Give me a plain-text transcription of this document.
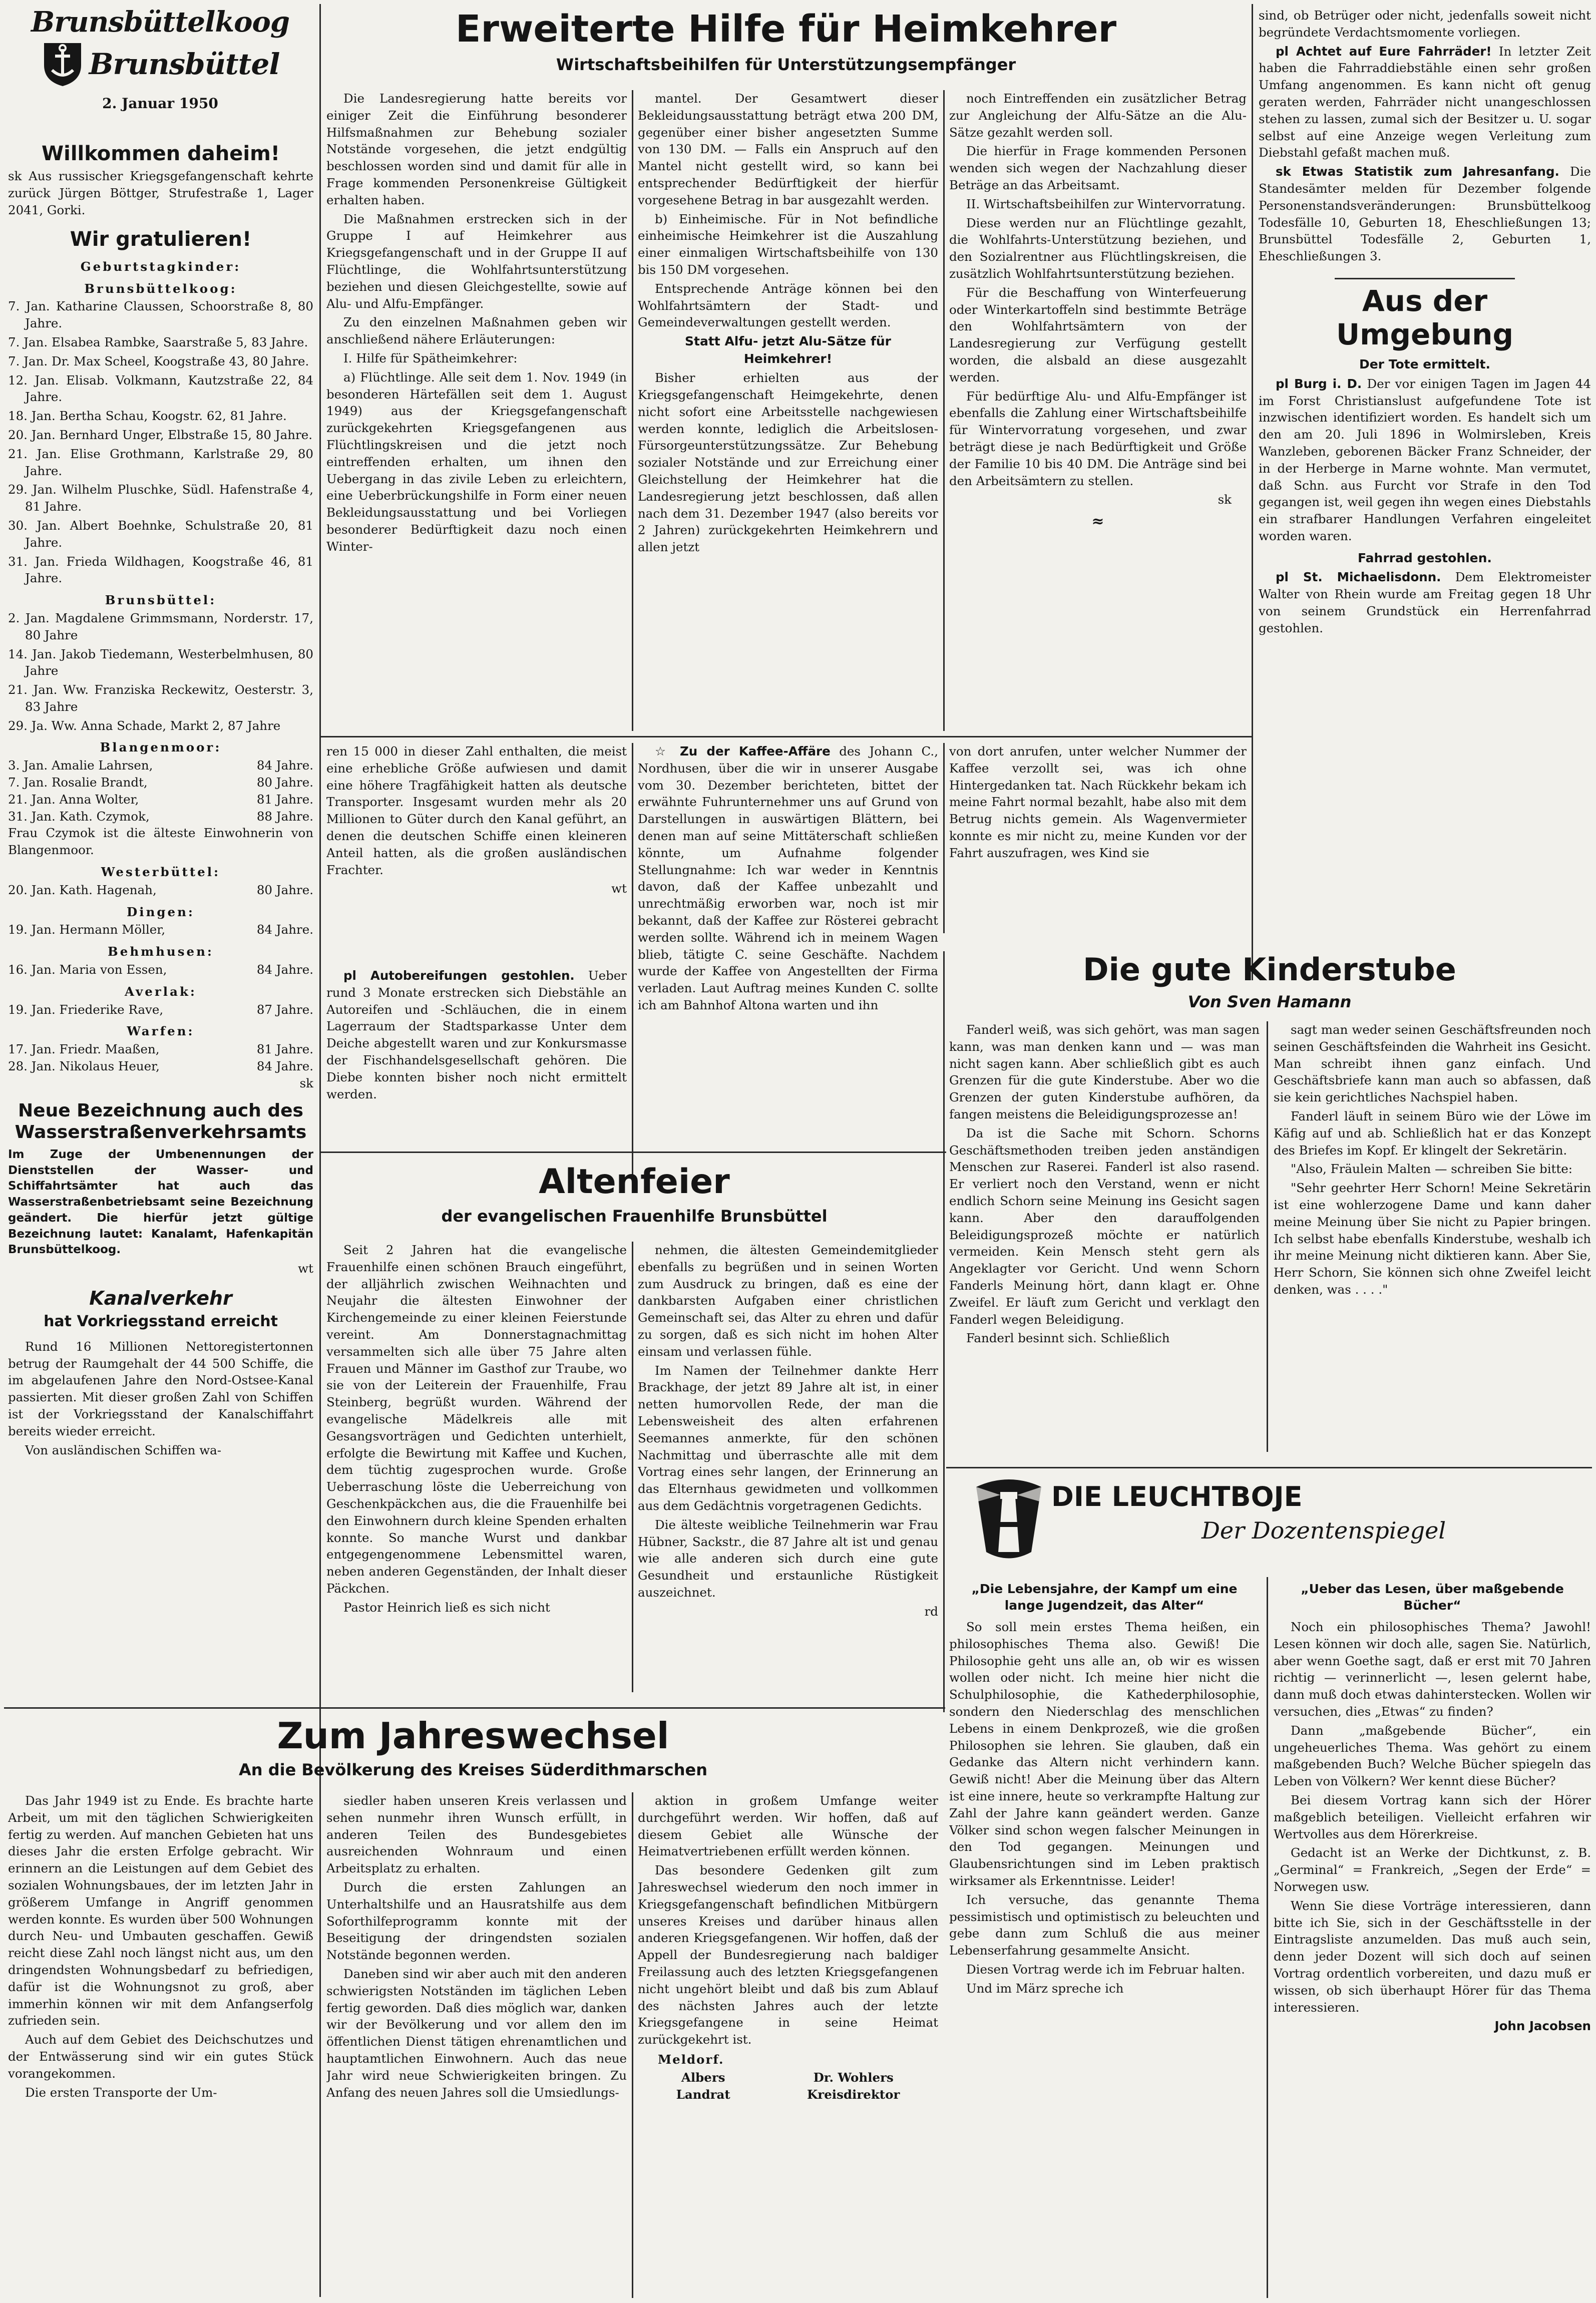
Brunsbüttelkoog
Brunsbüttel
2. Januar 1950
Willkommen daheim!

sk Aus russischer Kriegsgefangenschaft kehrte zurück Jürgen Böttger, Strufestraße 1, Lager 2041, Gorki.

Wir gratulieren!
Geburtstagkinder:
Brunsbüttelkoog:

7. Jan. Katharine Claussen, Schoorstraße 8, 80 Jahre.

7. Jan. Elsabea Rambke, Saarstraße 5, 83 Jahre.

7. Jan. Dr. Max Scheel, Koogstraße 43, 80 Jahre.

12. Jan. Elisab. Volkmann, Kautzstraße 22, 84 Jahre.

18. Jan. Bertha Schau, Koogstr. 62, 81 Jahre.

20. Jan. Bernhard Unger, Elbstraße 15, 80 Jahre.

21. Jan. Elise Grothmann, Karlstraße 29, 80 Jahre.

29. Jan. Wilhelm Pluschke, Südl. Hafenstraße 4, 81 Jahre.

30. Jan. Albert Boehnke, Schulstraße 20, 81 Jahre.

31. Jan. Frieda Wildhagen, Koogstraße 46, 81 Jahre.

Brunsbüttel:

2. Jan. Magdalene Grimmsmann, Norderstr. 17, 80 Jahre

14. Jan. Jakob Tiedemann, Westerbelmhusen, 80 Jahre

21. Jan. Ww. Franziska Reckewitz, Oesterstr. 3, 83 Jahre

29. Ja. Ww. Anna Schade, Markt 2, 87 Jahre

Blangenmoor:
3. Jan. Amalie Lahrsen,	84 Jahre.
7. Jan. Rosalie Brandt,	80 Jahre.
21. Jan. Anna Wolter,	81 Jahre.
31. Jan. Kath. Czymok,	88 Jahre.

Frau Czymok ist die älteste Einwohnerin von Blangenmoor.

Westerbüttel:
20. Jan. Kath. Hagenah,	80 Jahre.
Dingen:
19. Jan. Hermann Möller,	84 Jahre.
Behmhusen:
16. Jan. Maria von Essen,	84 Jahre.
Averlak:
19. Jan. Friederike Rave,	87 Jahre.
Warfen:
17. Jan. Friedr. Maaßen,	81 Jahre.
28. Jan. Nikolaus Heuer,	84 Jahre.
sk
Neue Bezeichnung auch des Wasserstraßenverkehrsamts

Im Zuge der Umbenennungen der Dienststellen der Wasser- und Schiffahrtsämter hat auch das Wasserstraßenbetriebsamt seine Bezeichnung geändert. Die hierfür jetzt gültige Bezeichnung lautet: Kanalamt, Hafenkapitän Brunsbüttelkoog.

wt
Kanalverkehr
hat Vorkriegsstand erreicht

Rund 16 Millionen Nettoregistertonnen betrug der Raumgehalt der 44 500 Schiffe, die im abgelaufenen Jahre den Nord-Ostsee-Kanal passierten. Mit dieser großen Zahl von Schiffen ist der Vorkriegsstand der Kanalschiffahrt bereits wieder erreicht.

Von ausländischen Schiffen wa-

Erweiterte Hilfe für Heimkehrer
Wirtschaftsbeihilfen für Unterstützungsempfänger

Die Landesregierung hatte bereits vor einiger Zeit die Einführung besonderer Hilfsmaßnahmen zur Behebung sozialer Notstände vorgesehen, die jetzt endgültig beschlossen worden sind und damit für alle in Frage kommenden Personenkreise Gültigkeit erhalten haben.

Die Maßnahmen erstrecken sich in der Gruppe I auf Heimkehrer aus Kriegsgefangenschaft und in der Gruppe II auf Flüchtlinge, die Wohlfahrtsunterstützung beziehen und diesen Gleichgestellte, sowie auf Alu- und Alfu-Empfänger.

Zu den einzelnen Maßnahmen geben wir anschließend nähere Erläuterungen:

I. Hilfe für Spätheimkehrer:

a) Flüchtlinge. Alle seit dem 1. Nov. 1949 (in besonderen Härtefällen seit dem 1. August 1949) aus der Kriegsgefangenschaft zurückgekehrten Kriegsgefangenen aus Flüchtlingskreisen und die jetzt noch eintreffenden erhalten, um ihnen den Uebergang in das zivile Leben zu erleichtern, eine Ueberbrückungshilfe in Form einer neuen Bekleidungsausstattung und bei Vorliegen besonderer Bedürftigkeit dazu noch einen Winter-

mantel. Der Gesamtwert dieser Bekleidungsausstattung beträgt etwa 200 DM, gegenüber einer bisher angesetzten Summe von 130 DM. — Falls ein Anspruch auf den Mantel nicht gestellt wird, so kann bei entsprechender Bedürftigkeit der hierfür vorgesehene Betrag in bar ausgezahlt werden.

b) Einheimische. Für in Not befindliche einheimische Heimkehrer ist die Auszahlung einer einmaligen Wirtschaftsbeihilfe von 130 bis 150 DM vorgesehen.

Entsprechende Anträge können bei den Wohlfahrtsämtern der Stadt- und Gemeindeverwaltungen gestellt werden.

Statt Alfu- jetzt Alu-Sätze für Heimkehrer!

Bisher erhielten aus der Kriegsgefangenschaft Heimgekehrte, denen nicht sofort eine Arbeitsstelle nachgewiesen werden konnte, lediglich die Arbeitslosen-Fürsorgeunterstützungssätze. Zur Behebung sozialer Notstände und zur Erreichung einer Gleichstellung der Heimkehrer hat die Landesregierung jetzt beschlossen, daß allen nach dem 31. Dezember 1947 (also bereits vor 2 Jahren) zurückgekehrten Heimkehrern und allen jetzt

noch Eintreffenden ein zusätzlicher Betrag zur Angleichung der Alfu-Sätze an die Alu-Sätze gezahlt werden soll.

Die hierfür in Frage kommenden Personen wenden sich wegen der Nachzahlung dieser Beträge an das Arbeitsamt.

II. Wirtschaftsbeihilfen zur Wintervorratung.

Diese werden nur an Flüchtlinge gezahlt, die Wohlfahrts-Unterstützung beziehen, und den Sozialrentner aus Flüchtlingskreisen, die zusätzlich Wohlfahrtsunterstützung beziehen.

Für die Beschaffung von Winterfeuerung oder Winterkartoffeln sind bestimmte Beträge den Wohlfahrtsämtern von der Landesregierung zur Verfügung gestellt worden, die alsbald an diese ausgezahlt werden.

Für bedürftige Alu- und Alfu-Empfänger ist ebenfalls die Zahlung einer Wirtschaftsbeihilfe für Wintervorratung vorgesehen, und zwar beträgt diese je nach Bedürftigkeit und Größe der Familie 10 bis 40 DM. Die Anträge sind bei den Arbeitsämtern zu stellen.

sk
≈

sind, ob Betrüger oder nicht, jedenfalls soweit nicht begründete Verdachtsmomente vorliegen.

pl Achtet auf Eure Fahrräder! In letzter Zeit haben die Fahrraddiebstähle einen sehr großen Umfang angenommen. Es kann nicht oft genug geraten werden, Fahrräder nicht unangeschlossen stehen zu lassen, zumal sich der Besitzer u. U. sogar selbst auf eine Anzeige wegen Verleitung zum Diebstahl gefaßt machen muß.

sk Etwas Statistik zum Jahresanfang. Die Standesämter melden für Dezember folgende Personenstandsveränderungen: Brunsbüttelkoog Todesfälle 10, Geburten 18, Eheschließungen 13; Brunsbüttel Todesfälle 2, Geburten 1, Eheschließungen 3.

Aus der Umgebung
Der Tote ermittelt.

pl Burg i. D. Der vor einigen Tagen im Jagen 44 im Forst Christianslust aufgefundene Tote ist inzwischen identifiziert worden. Es handelt sich um den am 20. Juli 1896 in Wolmirsleben, Kreis Wanzleben, geborenen Bäcker Franz Schneider, der in der Herberge in Marne wohnte. Man vermutet, daß Schn. aus Furcht vor Strafe in den Tod gegangen ist, weil gegen ihn wegen eines Diebstahls ein strafbarer Handlungen Verfahren eingeleitet worden waren.

Fahrrad gestohlen.

pl St. Michaelisdonn. Dem Elektromeister Walter von Rhein wurde am Freitag gegen 18 Uhr von seinem Grundstück ein Herrenfahrrad gestohlen.

ren 15 000 in dieser Zahl enthalten, die meist eine erhebliche Größe aufwiesen und damit eine höhere Tragfähigkeit hatten als deutsche Transporter. Insgesamt wurden mehr als 20 Millionen to Güter durch den Kanal geführt, an denen die deutschen Schiffe einen kleineren Anteil hatten, als die großen ausländischen Frachter.

wt

pl Autobereifungen gestohlen. Ueber rund 3 Monate erstrecken sich Diebstähle an Autoreifen und -Schläuchen, die in einem Lagerraum der Stadtsparkasse Unter dem Deiche abgestellt waren und zur Konkursmasse der Fischhandelsgesellschaft gehören. Die Diebe konnten bisher noch nicht ermittelt werden.

☆ Zu der Kaffee-Affäre des Johann C., Nordhusen, über die wir in unserer Ausgabe vom 30. Dezember berichteten, bittet der erwähnte Fuhrunternehmer uns auf Grund von Darstellungen in auswärtigen Blättern, bei denen man auf seine Mittäterschaft schließen könnte, um Aufnahme folgender Stellungnahme: Ich war weder in Kenntnis davon, daß der Kaffee unbezahlt und unrechtmäßig erworben war, noch ist mir bekannt, daß der Kaffee zur Rösterei gebracht werden sollte. Während ich in meinem Wagen blieb, tätigte C. seine Geschäfte. Nachdem wurde der Kaffee von Angestellten der Firma verladen. Laut Auftrag meines Kunden C. sollte ich am Bahnhof Altona warten und ihn

von dort anrufen, unter welcher Nummer der Kaffee verzollt sei, was ich ohne Hintergedanken tat. Nach Rückkehr bekam ich meine Fahrt normal bezahlt, habe also mit dem Betrug nichts gemein. Als Wagenvermieter konnte es mir nicht zu, meine Kunden vor der Fahrt auszufragen, wes Kind sie

Altenfeier
der evangelischen Frauenhilfe Brunsbüttel

Seit 2 Jahren hat die evangelische Frauenhilfe einen schönen Brauch eingeführt, der alljährlich zwischen Weihnachten und Neujahr die ältesten Einwohner der Kirchengemeinde zu einer kleinen Feierstunde vereint. Am Donnerstagnachmittag versammelten sich alle über 75 Jahre alten Frauen und Männer im Gasthof zur Traube, wo sie von der Leiterein der Frauenhilfe, Frau Steinberg, begrüßt wurden. Während der evangelische Mädelkreis alle mit Gesangsvorträgen und Gedichten unterhielt, erfolgte die Bewirtung mit Kaffee und Kuchen, dem tüchtig zugesprochen wurde. Große Ueberraschung löste die Ueberreichung von Geschenkpäckchen aus, die die Frauenhilfe bei den Einwohnern durch kleine Spenden erhalten konnte. So manche Wurst und dankbar entgegengenommene Lebensmittel waren, neben anderen Gegenständen, der Inhalt dieser Päckchen.

Pastor Heinrich ließ es sich nicht

nehmen, die ältesten Gemeindemitglieder ebenfalls zu begrüßen und in seinen Worten zum Ausdruck zu bringen, daß es eine der dankbarsten Aufgaben einer christlichen Gemeinschaft sei, das Alter zu ehren und dafür zu sorgen, daß es sich nicht im hohen Alter einsam und verlassen fühle.

Im Namen der Teilnehmer dankte Herr Brackhage, der jetzt 89 Jahre alt ist, in einer netten humorvollen Rede, der man die Lebensweisheit des alten erfahrenen Seemannes anmerkte, für den schönen Nachmittag und überraschte alle mit dem Vortrag eines sehr langen, der Erinnerung an das Elternhaus gewidmeten und vollkommen aus dem Gedächtnis vorgetragenen Gedichts.

Die älteste weibliche Teilnehmerin war Frau Hübner, Sackstr., die 87 Jahre alt ist und genau wie alle anderen sich durch eine gute Gesundheit und erstaunliche Rüstigkeit auszeichnet.

rd
Die gute Kinderstube
Von Sven Hamann

Fanderl weiß, was sich gehört, was man sagen kann, was man denken kann und — was man nicht sagen kann. Aber schließlich gibt es auch Grenzen für die gute Kinderstube. Aber wo die Grenzen der guten Kinderstube aufhören, da fangen meistens die Beleidigungsprozesse an!

Da ist die Sache mit Schorn. Schorns Geschäftsmethoden treiben jeden anständigen Menschen zur Raserei. Fanderl ist also rasend. Er verliert noch den Verstand, wenn er nicht endlich Schorn seine Meinung ins Gesicht sagen kann. Aber den darauffolgenden Beleidigungsprozeß möchte er natürlich vermeiden. Kein Mensch steht gern als Angeklagter vor Gericht. Und wenn Schorn Fanderls Meinung hört, dann klagt er. Ohne Zweifel. Er läuft zum Gericht und verklagt den Fanderl wegen Beleidigung.

Fanderl besinnt sich. Schließlich

sagt man weder seinen Geschäftsfreunden noch seinen Geschäftsfeinden die Wahrheit ins Gesicht. Man schreibt ihnen ganz einfach. Und Geschäftsbriefe kann man auch so abfassen, daß sie kein gerichtliches Nachspiel haben.

Fanderl läuft in seinem Büro wie der Löwe im Käfig auf und ab. Schließlich hat er das Konzept des Briefes im Kopf. Er klingelt der Sekretärin.

"Also, Fräulein Malten — schreiben Sie bitte:

"Sehr geehrter Herr Schorn! Meine Sekretärin ist eine wohlerzogene Dame und kann daher meine Meinung über Sie nicht zu Papier bringen. Ich selbst habe ebenfalls Kinderstube, weshalb ich ihr meine Meinung nicht diktieren kann. Aber Sie, Herr Schorn, Sie können sich ohne Zweifel leicht denken, was . . . ."

DIE LEUCHTBOJE
Der Dozentenspiegel
„Die Lebensjahre, der Kampf um eine lange Jugendzeit, das Alter“

So soll mein erstes Thema heißen, ein philosophisches Thema also. Gewiß! Die Philosophie geht uns alle an, ob wir es wissen wollen oder nicht. Ich meine hier nicht die Schulphilosophie, die Kathederphilosophie, sondern den Niederschlag des menschlichen Lebens in einem Denkprozeß, wie die großen Philosophen sie lehren. Sie glauben, daß ein Gedanke das Altern nicht verhindern kann. Gewiß nicht! Aber die Meinung über das Altern ist eine innere, heute so verkrampfte Haltung zur Zahl der Jahre kann geändert werden. Ganze Völker sind schon wegen falscher Meinungen in den Tod gegangen. Meinungen und Glaubensrichtungen sind im Leben praktisch wirksamer als Erkenntnisse. Leider!

Ich versuche, das genannte Thema pessimistisch und optimistisch zu beleuchten und gebe dann zum Schluß die aus meiner Lebenserfahrung gesammelte Ansicht.

Diesen Vortrag werde ich im Februar halten.

Und im März spreche ich

„Ueber das Lesen, über maßgebende Bücher“

Noch ein philosophisches Thema? Jawohl! Lesen können wir doch alle, sagen Sie. Natürlich, aber wenn Goethe sagt, daß er erst mit 70 Jahren richtig — verinnerlicht —, lesen gelernt habe, dann muß doch etwas dahinterstecken. Wollen wir versuchen, dies „Etwas“ zu finden?

Dann „maßgebende Bücher“, ein ungeheuerliches Thema. Was gehört zu einem maßgebenden Buch? Welche Bücher spiegeln das Leben von Völkern? Wer kennt diese Bücher?

Bei diesem Vortrag kann sich der Hörer maßgeblich beteiligen. Vielleicht erfahren wir Wertvolles aus dem Hörerkreise.

Gedacht ist an Werke der Dichtkunst, z. B. „Germinal“ = Frankreich, „Segen der Erde“ = Norwegen usw.

Wenn Sie diese Vorträge interessieren, dann bitte ich Sie, sich in der Geschäftsstelle in der Eintragsliste anzumelden. Das muß auch sein, denn jeder Dozent will sich doch auf seinen Vortrag ordentlich vorbereiten, und dazu muß er wissen, ob sich überhaupt Hörer für das Thema interessieren.

John Jacobsen
Zum Jahreswechsel
An die Bevölkerung des Kreises Süderdithmarschen

Das Jahr 1949 ist zu Ende. Es brachte harte Arbeit, um mit den täglichen Schwierigkeiten fertig zu werden. Auf manchen Gebieten hat uns dieses Jahr die ersten Erfolge gebracht. Wir erinnern an die Leistungen auf dem Gebiet des sozialen Wohnungsbaues, der im letzten Jahr in größerem Umfange in Angriff genommen werden konnte. Es wurden über 500 Wohnungen durch Neu- und Umbauten geschaffen. Gewiß reicht diese Zahl noch längst nicht aus, um den dringendsten Wohnungsbedarf zu befriedigen, dafür ist die Wohnungsnot zu groß, aber immerhin können wir mit dem Anfangserfolg zufrieden sein.

Auch auf dem Gebiet des Deichschutzes und der Entwässerung sind wir ein gutes Stück vorangekommen.

Die ersten Transporte der Um-

siedler haben unseren Kreis verlassen und sehen nunmehr ihren Wunsch erfüllt, in anderen Teilen des Bundesgebietes ausreichenden Wohnraum und einen Arbeitsplatz zu erhalten.

Durch die ersten Zahlungen an Unterhaltshilfe und an Hausratshilfe aus dem Soforthilfeprogramm konnte mit der Beseitigung der dringendsten sozialen Notstände begonnen werden.

Daneben sind wir aber auch mit den anderen schwierigsten Notständen im täglichen Leben fertig geworden. Daß dies möglich war, danken wir der Bevölkerung und vor allem den im öffentlichen Dienst tätigen ehrenamtlichen und hauptamtlichen Einwohnern. Auch das neue Jahr wird neue Schwierigkeiten bringen. Zu Anfang des neuen Jahres soll die Umsiedlungs-

aktion in großem Umfange weiter durchgeführt werden. Wir hoffen, daß auf diesem Gebiet alle Wünsche der Heimatvertriebenen erfüllt werden können.

Das besondere Gedenken gilt zum Jahreswechsel wiederum den noch immer in Kriegsgefangenschaft befindlichen Mitbürgern unseres Kreises und darüber hinaus allen anderen Kriegsgefangenen. Wir hoffen, daß der Appell der Bundesregierung nach baldiger Freilassung auch des letzten Kriegsgefangenen nicht ungehört bleibt und daß bis zum Ablauf des nächsten Jahres auch der letzte Kriegsgefangene in seine Heimat zurückgekehrt ist.

Meldorf.
Albers
Landrat
Dr. Wohlers
Kreisdirektor
